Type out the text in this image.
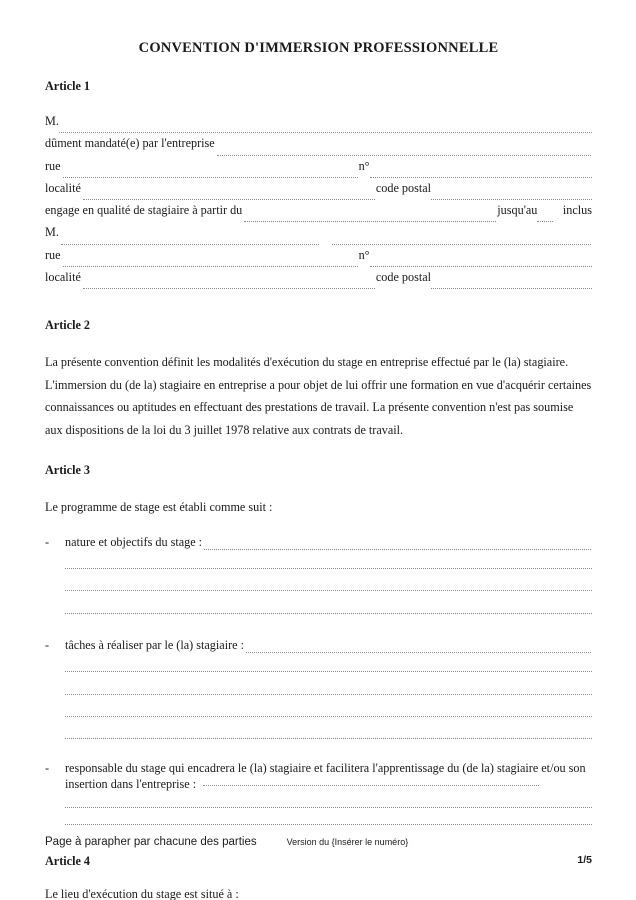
CONVENTION D'IMMERSION PROFESSIONNELLE
Article 1
M.
dûment mandaté(e) par l'entreprise
rue	n°
localité	code postal
engage en qualité de stagiaire à partir du	jusqu'au inclus
M.
rue	n°
localité	code postal
Article 2

La présente convention définit les modalités d'exécution du stage en entreprise effectué par le (la) stagiaire. L'immersion du (de la) stagiaire en entreprise a pour objet de lui offrir une formation en vue d'acquérir certaines connaissances ou aptitudes en effectuant des prestations de travail. La présente convention n'est pas soumise aux dispositions de la loi du 3 juillet 1978 relative aux contrats de travail.

Article 3

Le programme de stage est établi comme suit :

-	nature et objectifs du stage :
-	tâches à réaliser par le (la) stagiaire :
-	responsable du stage qui encadrera le (la) stagiaire et facilitera l'apprentissage du (de la) stagiaire et/ou son insertion dans l'entreprise :
Article 4
Le lieu d'exécution du stage est situé à :
Page à parapher par chacune des parties	Version du {Insérer le numéro}
1/5
